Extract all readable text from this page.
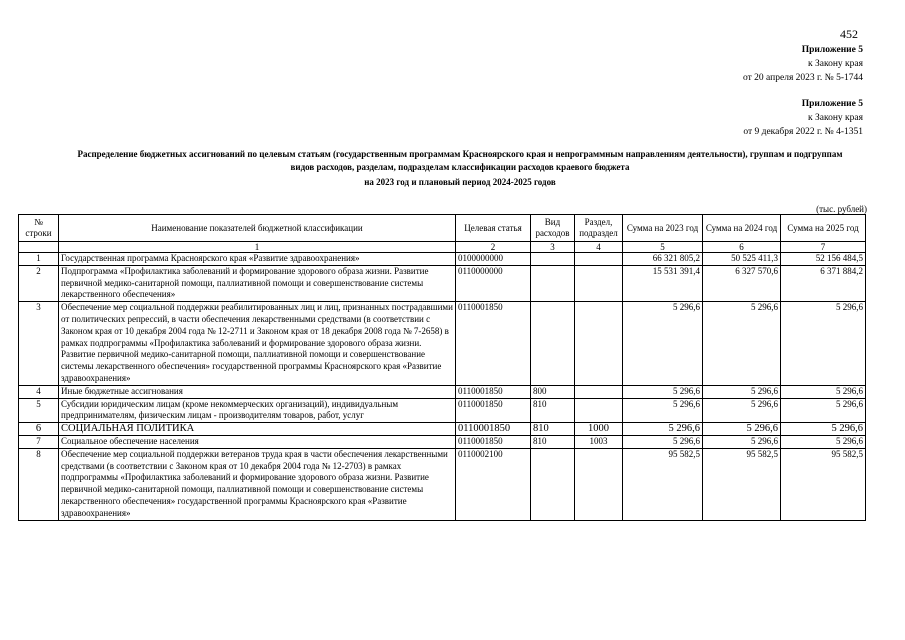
452
Приложение 5
к Закону края
от 20 апреля 2023 г. № 5-1744
Приложение 5
к Закону края
от 9 декабря 2022 г. № 4-1351
Распределение бюджетных ассигнований по целевым статьям (государственным программам Красноярского края и непрограммным направлениям деятельности), группам и подгруппам
видов расходов, разделам, подразделам классификации расходов краевого бюджета
на 2023 год и плановый период 2024-2025 годов
(тыс. рублей)
№ строки	Наименование показателей бюджетной классификации	Целевая статья	Вид расходов	Раздел, подраздел	Сумма на 2023 год	Сумма на 2024 год	Сумма на 2025 год
	1	2	3	4	5	6	7
1	Государственная программа Красноярского края «Развитие здравоохранения»	0100000000			66 321 805,2	50 525 411,3	52 156 484,5
2	Подпрограмма «Профилактика заболеваний и формирование здорового образа жизни. Развитие первичной медико-санитарной помощи, паллиативной помощи и совершенствование системы лекарственного обеспечения»	0110000000			15 531 391,4	6 327 570,6	6 371 884,2
3	Обеспечение мер социальной поддержки реабилитированных лиц и лиц, признанных пострадавшими от политических репрессий, в части обеспечения лекарственными средствами (в соответствии с Законом края от 10 декабря 2004 года № 12-2711 и Законом края от 18 декабря 2008 года № 7-2658) в рамках подпрограммы «Профилактика заболеваний и формирование здорового образа жизни. Развитие первичной медико-санитарной помощи, паллиативной помощи и совершенствование системы лекарственного обеспечения» государственной программы Красноярского края «Развитие здравоохранения»	0110001850			5 296,6	5 296,6	5 296,6
4	Иные бюджетные ассигнования	0110001850	800		5 296,6	5 296,6	5 296,6
5	Субсидии юридическим лицам (кроме некоммерческих организаций), индивидуальным предпринимателям, физическим лицам - производителям товаров, работ, услуг	0110001850	810		5 296,6	5 296,6	5 296,6
6	СОЦИАЛЬНАЯ ПОЛИТИКА	0110001850	810	1000	5 296,6	5 296,6	5 296,6
7	Социальное обеспечение населения	0110001850	810	1003	5 296,6	5 296,6	5 296,6
8	Обеспечение мер социальной поддержки ветеранов труда края в части обеспечения лекарственными средствами (в соответствии с Законом края от 10 декабря 2004 года № 12-2703) в рамках подпрограммы «Профилактика заболеваний и формирование здорового образа жизни. Развитие первичной медико-санитарной помощи, паллиативной помощи и совершенствование системы лекарственного обеспечения» государственной программы Красноярского края «Развитие здравоохранения»	0110002100			95 582,5	95 582,5	95 582,5
